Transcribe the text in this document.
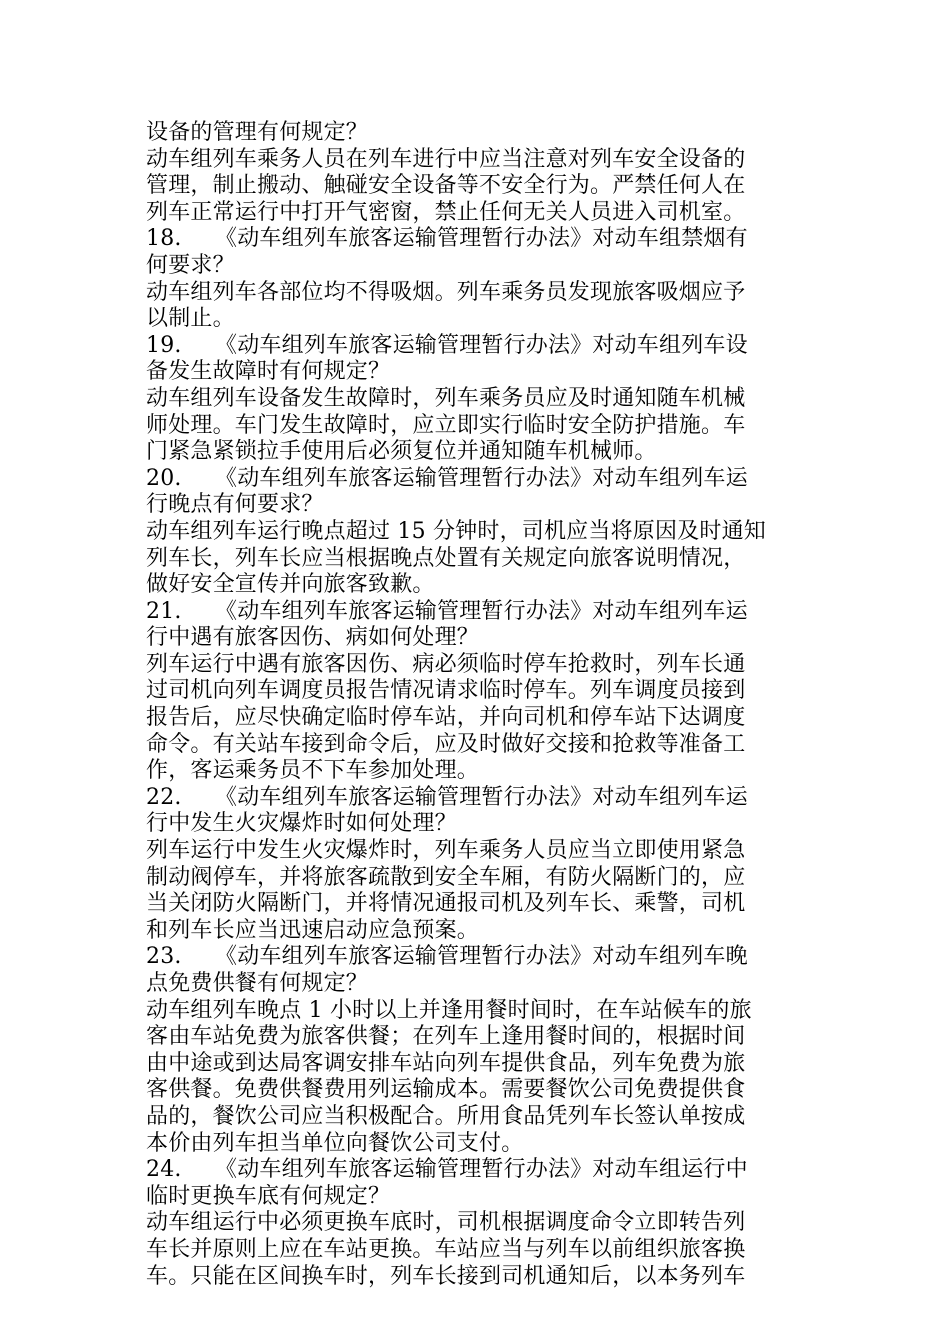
设备的管理有何规定？
动车组列车乘务人员在列车进行中应当注意对列车安全设备的
管理，制止搬动、触碰安全设备等不安全行为。严禁任何人在
列车正常运行中打开气密窗，禁止任何无关人员进入司机室。
18.　　《动车组列车旅客运输管理暂行办法》对动车组禁烟有
何要求？
动车组列车各部位均不得吸烟。列车乘务员发现旅客吸烟应予
以制止。
19.　　《动车组列车旅客运输管理暂行办法》对动车组列车设
备发生故障时有何规定？
动车组列车设备发生故障时，列车乘务员应及时通知随车机械
师处理。车门发生故障时，应立即实行临时安全防护措施。车
门紧急紧锁拉手使用后必须复位并通知随车机械师。
20.　　《动车组列车旅客运输管理暂行办法》对动车组列车运
行晚点有何要求？
动车组列车运行晚点超过 15 分钟时，司机应当将原因及时通知
列车长，列车长应当根据晚点处置有关规定向旅客说明情况，
做好安全宣传并向旅客致歉。
21.　　《动车组列车旅客运输管理暂行办法》对动车组列车运
行中遇有旅客因伤、病如何处理？
列车运行中遇有旅客因伤、病必须临时停车抢救时，列车长通
过司机向列车调度员报告情况请求临时停车。列车调度员接到
报告后，应尽快确定临时停车站，并向司机和停车站下达调度
命令。有关站车接到命令后，应及时做好交接和抢救等准备工
作，客运乘务员不下车参加处理。
22.　　《动车组列车旅客运输管理暂行办法》对动车组列车运
行中发生火灾爆炸时如何处理？
列车运行中发生火灾爆炸时，列车乘务人员应当立即使用紧急
制动阀停车，并将旅客疏散到安全车厢，有防火隔断门的，应
当关闭防火隔断门，并将情况通报司机及列车长、乘警，司机
和列车长应当迅速启动应急预案。
23.　　《动车组列车旅客运输管理暂行办法》对动车组列车晚
点免费供餐有何规定？
动车组列车晚点 1 小时以上并逢用餐时间时，在车站候车的旅
客由车站免费为旅客供餐；在列车上逢用餐时间的，根据时间
由中途或到达局客调安排车站向列车提供食品，列车免费为旅
客供餐。免费供餐费用列运输成本。需要餐饮公司免费提供食
品的，餐饮公司应当积极配合。所用食品凭列车长签认单按成
本价由列车担当单位向餐饮公司支付。
24.　　《动车组列车旅客运输管理暂行办法》对动车组运行中
临时更换车底有何规定？
动车组运行中必须更换车底时，司机根据调度命令立即转告列
车长并原则上应在车站更换。车站应当与列车以前组织旅客换
车。只能在区间换车时，列车长接到司机通知后，以本务列车
